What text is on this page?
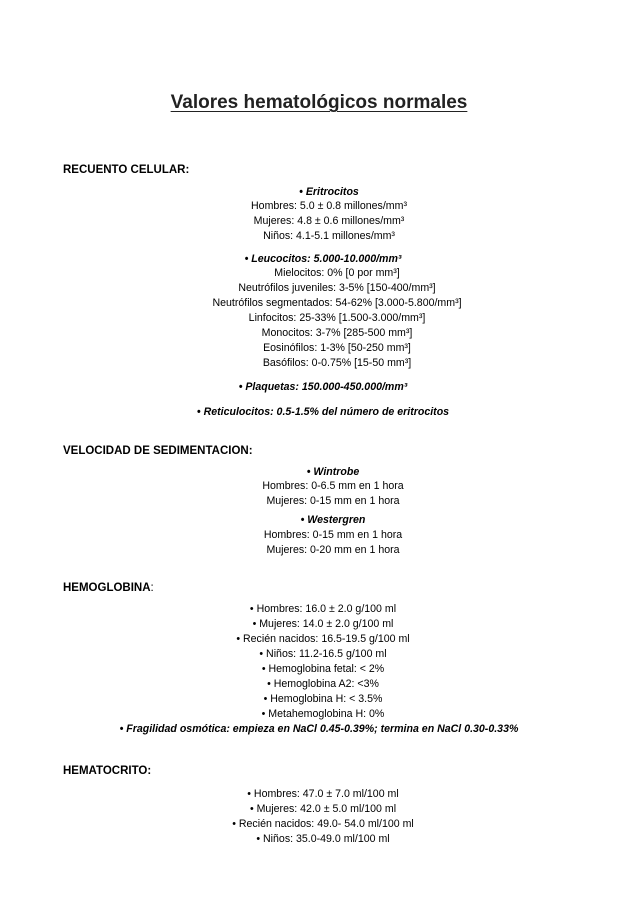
Valores hematológicos normales
RECUENTO CELULAR:
• Eritrocitos
Hombres: 5.0 ± 0.8 millones/mm³
Mujeres: 4.8 ± 0.6 millones/mm³
Niños: 4.1-5.1 millones/mm³
• Leucocitos: 5.000-10.000/mm³
Mielocitos: 0% [0 por mm³]
Neutrófilos juveniles: 3-5% [150-400/mm³]
Neutrófilos segmentados: 54-62% [3.000-5.800/mm³]
Linfocitos: 25-33% [1.500-3.000/mm³]
Monocitos: 3-7% [285-500 mm³]
Eosinófilos: 1-3% [50-250 mm³]
Basófilos: 0-0.75% [15-50 mm³]
• Plaquetas: 150.000-450.000/mm³
• Reticulocitos: 0.5-1.5% del número de eritrocitos
VELOCIDAD DE SEDIMENTACION:
• Wintrobe
Hombres: 0-6.5 mm en 1 hora
Mujeres: 0-15 mm en 1 hora
• Westergren
Hombres: 0-15 mm en 1 hora
Mujeres: 0-20 mm en 1 hora
HEMOGLOBINA:
• Hombres: 16.0 ± 2.0 g/100 ml
• Mujeres: 14.0 ± 2.0 g/100 ml
• Recién nacidos: 16.5-19.5 g/100 ml
• Niños: 11.2-16.5 g/100 ml
• Hemoglobina fetal: < 2%
• Hemoglobina A2: <3%
• Hemoglobina H: < 3.5%
• Metahemoglobina H: 0%
• Fragilidad osmótica: empieza en NaCl 0.45-0.39%; termina en NaCl 0.30-0.33%
HEMATOCRITO:
• Hombres: 47.0 ± 7.0 ml/100 ml
• Mujeres: 42.0 ± 5.0 ml/100 ml
• Recién nacidos: 49.0- 54.0 ml/100 ml
• Niños: 35.0-49.0 ml/100 ml
